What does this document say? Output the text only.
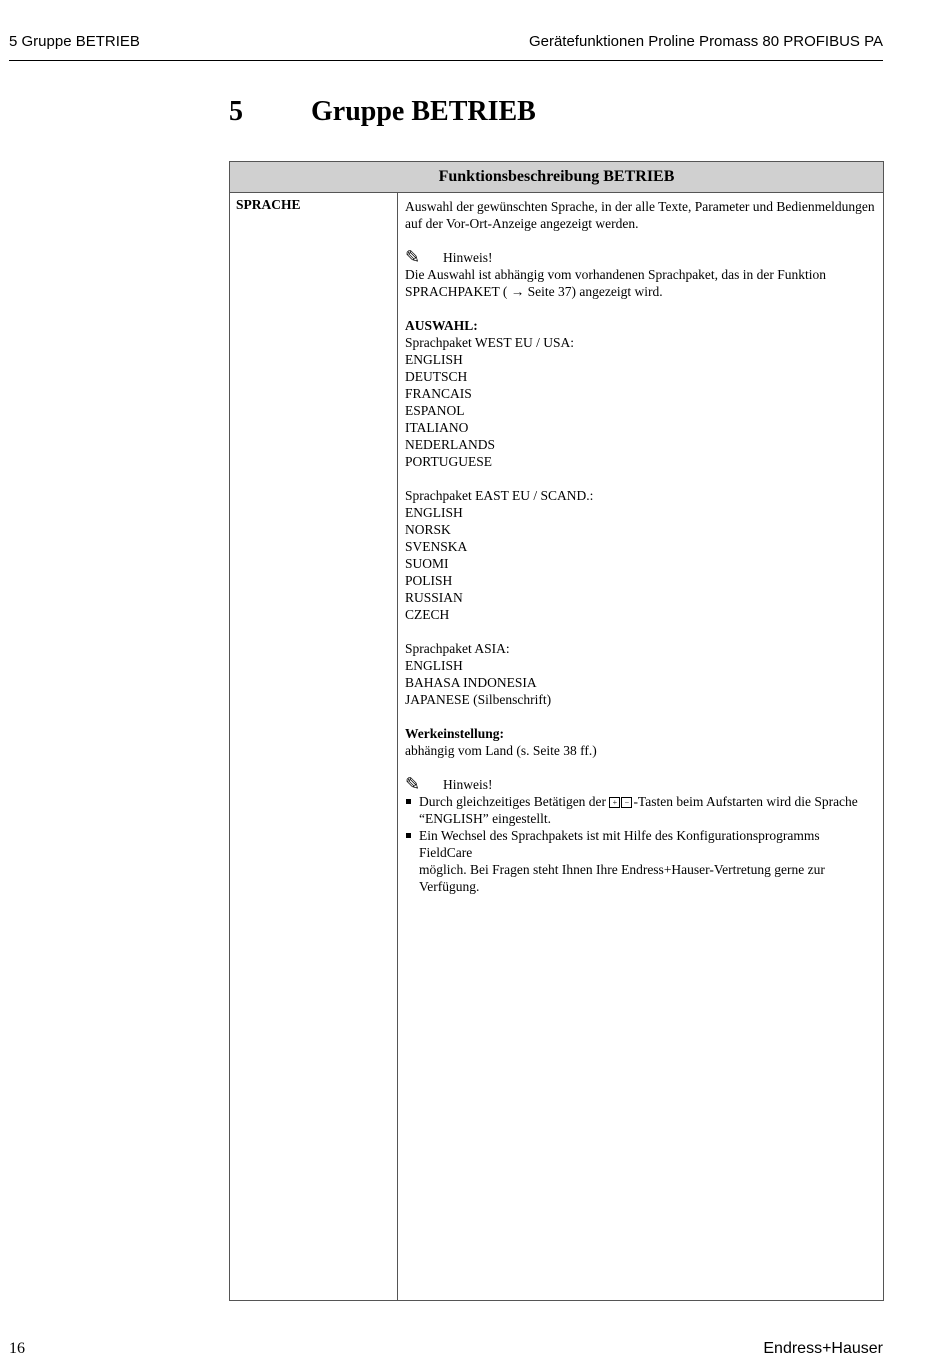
5 Gruppe BETRIEB	Gerätefunktionen Proline Promass 80 PROFIBUS PA
5 Gruppe BETRIEB
Funktionsbeschreibung BETRIEB
SPRACHE	Auswahl der gewünschten Sprache, in der alle Texte, Parameter und Bedienmeldungen
auf der Vor-Ort-Anzeige angezeigt werden.
✎	Hinweis!
Die Auswahl ist abhängig vom vorhandenen Sprachpaket, das in der Funktion
SPRACHPAKET ( → Seite 37) angezeigt wird.
AUSWAHL:
Sprachpaket WEST EU / USA:
ENGLISH
DEUTSCH
FRANCAIS
ESPANOL
ITALIANO
NEDERLANDS
PORTUGUESE
Sprachpaket EAST EU / SCAND.:
ENGLISH
NORSK
SVENSKA
SUOMI
POLISH
RUSSIAN
CZECH
Sprachpaket ASIA:
ENGLISH
BAHASA INDONESIA
JAPANESE (Silbenschrift)
Werkeinstellung:
abhängig vom Land (s. Seite 38 ff.)
✎	Hinweis!
Durch gleichzeitiges Betätigen der + − -Tasten beim Aufstarten wird die Sprache
“ENGLISH” eingestellt.
Ein Wechsel des Sprachpakets ist mit Hilfe des Konfigurationsprogramms FieldCare
möglich. Bei Fragen steht Ihnen Ihre Endress+Hauser-Vertretung gerne zur
Verfügung.
16	Endress+Hauser
